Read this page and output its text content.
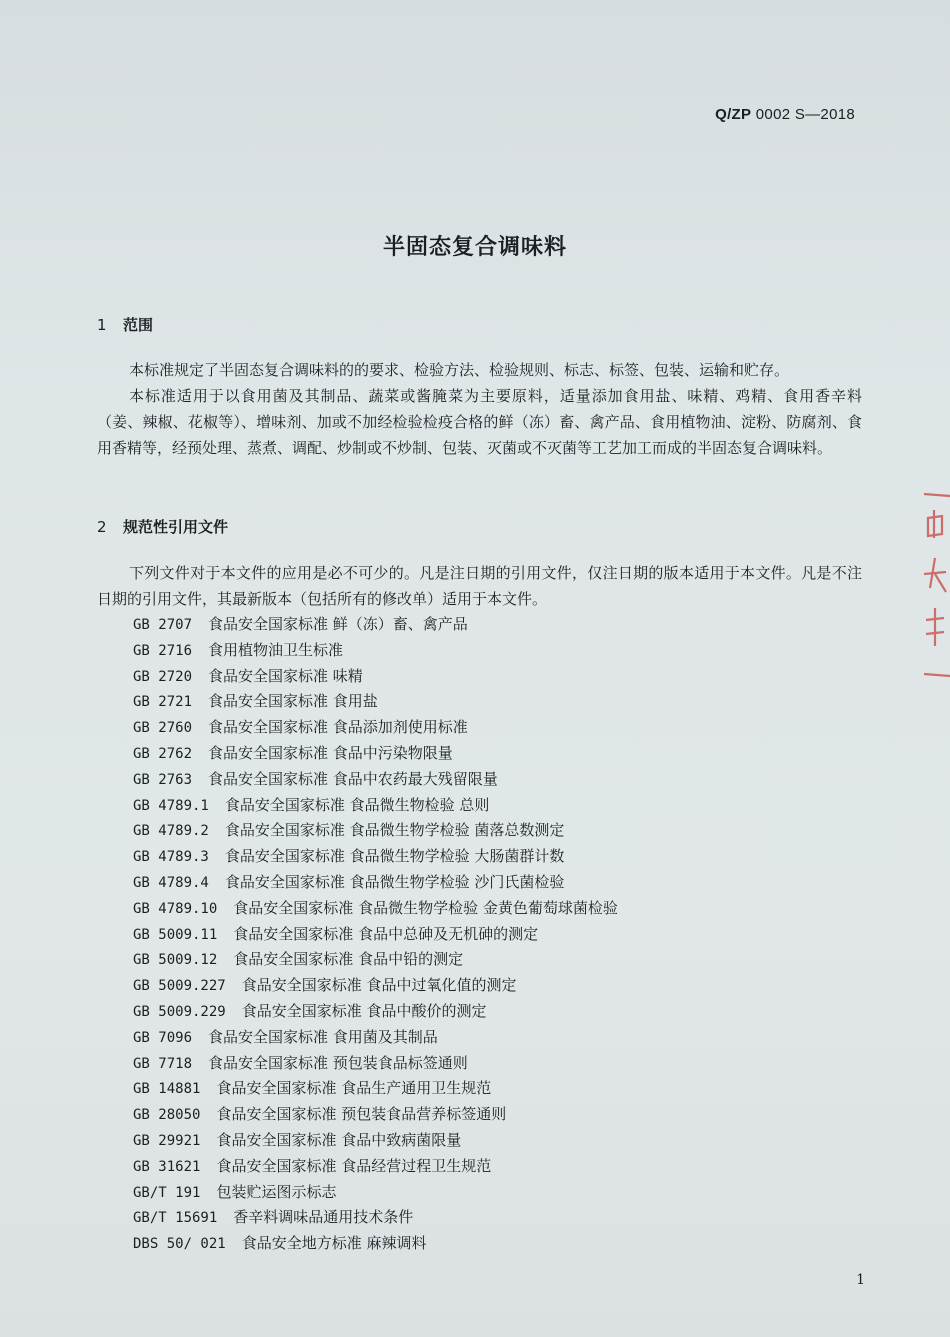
Q/ZP 0002 S—2018
半固态复合调味料
1 范围

本标准规定了半固态复合调味料的的要求、检验方法、检验规则、标志、标签、包装、运输和贮存。

本标准适用于以食用菌及其制品、蔬菜或酱腌菜为主要原料，适量添加食用盐、味精、鸡精、食用香辛料（姜、辣椒、花椒等）、增味剂、加或不加经检验检疫合格的鲜（冻）畜、禽产品、食用植物油、淀粉、防腐剂、食用香精等，经预处理、蒸煮、调配、炒制或不炒制、包装、灭菌或不灭菌等工艺加工而成的半固态复合调味料。

2 规范性引用文件

下列文件对于本文件的应用是必不可少的。凡是注日期的引用文件，仅注日期的版本适用于本文件。凡是不注日期的引用文件，其最新版本（包括所有的修改单）适用于本文件。

GB 2707 食品安全国家标准 鲜（冻）畜、禽产品
GB 2716 食用植物油卫生标准
GB 2720 食品安全国家标准 味精
GB 2721 食品安全国家标准 食用盐
GB 2760 食品安全国家标准 食品添加剂使用标准
GB 2762 食品安全国家标准 食品中污染物限量
GB 2763 食品安全国家标准 食品中农药最大残留限量
GB 4789.1 食品安全国家标准 食品微生物检验 总则
GB 4789.2 食品安全国家标准 食品微生物学检验 菌落总数测定
GB 4789.3 食品安全国家标准 食品微生物学检验 大肠菌群计数
GB 4789.4 食品安全国家标准 食品微生物学检验 沙门氏菌检验
GB 4789.10 食品安全国家标准 食品微生物学检验 金黄色葡萄球菌检验
GB 5009.11 食品安全国家标准 食品中总砷及无机砷的测定
GB 5009.12 食品安全国家标准 食品中铅的测定
GB 5009.227 食品安全国家标准 食品中过氧化值的测定
GB 5009.229 食品安全国家标准 食品中酸价的测定
GB 7096 食品安全国家标准 食用菌及其制品
GB 7718 食品安全国家标准 预包装食品标签通则
GB 14881 食品安全国家标准 食品生产通用卫生规范
GB 28050 食品安全国家标准 预包装食品营养标签通则
GB 29921 食品安全国家标准 食品中致病菌限量
GB 31621 食品安全国家标准 食品经营过程卫生规范
GB/T 191 包装贮运图示标志
GB/T 15691 香辛料调味品通用技术条件
DBS 50/ 021 食品安全地方标准 麻辣调料
1
